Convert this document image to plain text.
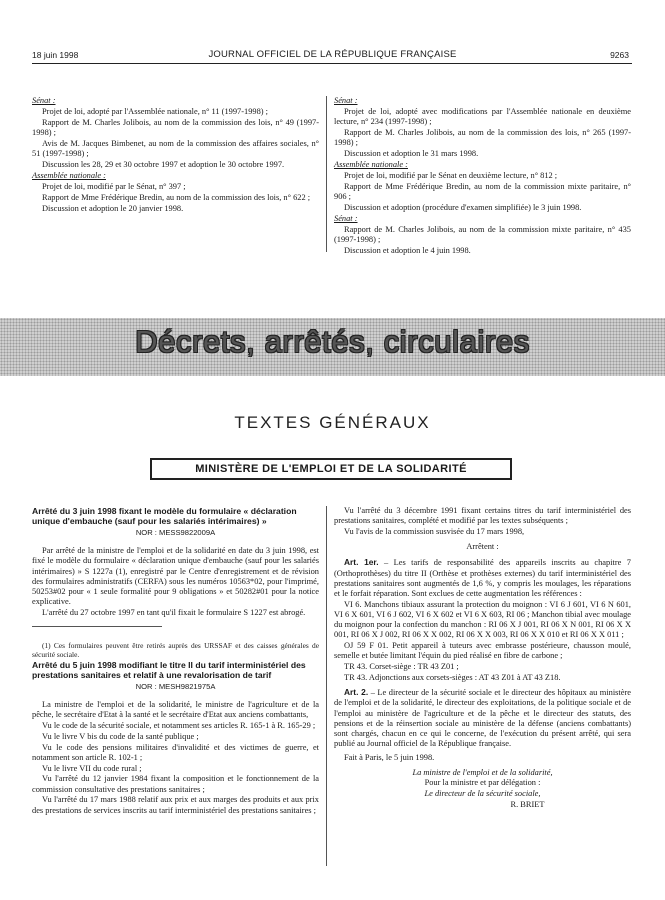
18 juin 1998	JOURNAL OFFICIEL DE LA RÉPUBLIQUE FRANÇAISE	9263

Sénat :

Projet de loi, adopté par l'Assemblée nationale, n° 11 (1997-1998) ;

Rapport de M. Charles Jolibois, au nom de la commission des lois, n° 49 (1997-1998) ;

Avis de M. Jacques Bimbenet, au nom de la commission des affaires sociales, n° 51 (1997-1998) ;

Discussion les 28, 29 et 30 octobre 1997 et adoption le 30 octobre 1997.

Assemblée nationale :

Projet de loi, modifié par le Sénat, n° 397 ;

Rapport de Mme Frédérique Bredin, au nom de la commission des lois, n° 622 ;

Discussion et adoption le 20 janvier 1998.

Sénat :

Projet de loi, adopté avec modifications par l'Assemblée nationale en deuxième lecture, n° 234 (1997-1998) ;

Rapport de M. Charles Jolibois, au nom de la commission des lois, n° 265 (1997-1998) ;

Discussion et adoption le 31 mars 1998.

Assemblée nationale :

Projet de loi, modifié par le Sénat en deuxième lecture, n° 812 ;

Rapport de Mme Frédérique Bredin, au nom de la commission mixte paritaire, n° 906 ;

Discussion et adoption (procédure d'examen simplifiée) le 3 juin 1998.

Sénat :

Rapport de M. Charles Jolibois, au nom de la commission mixte paritaire, n° 435 (1997-1998) ;

Discussion et adoption le 4 juin 1998.

Décrets, arrêtés, circulaires
TEXTES GÉNÉRAUX
MINISTÈRE DE L'EMPLOI ET DE LA SOLIDARITÉ

Arrêté du 3 juin 1998 fixant le modèle du formulaire « déclaration unique d'embauche (sauf pour les salariés intérimaires) »

NOR : MESS9822009A

Par arrêté de la ministre de l'emploi et de la solidarité en date du 3 juin 1998, est fixé le modèle du formulaire « déclaration unique d'embauche (sauf pour les salariés intérimaires) » S 1227a (1), enregistré par le Centre d'enregistrement et de révision des formulaires administratifs (CERFA) sous les numéros 10563*02, pour l'imprimé, 50253#02 pour « 1 seule formalité pour 9 obligations » et 50282#01 pour la notice explicative.

L'arrêté du 27 octobre 1997 en tant qu'il fixait le formulaire S 1227 est abrogé.

(1) Ces formulaires peuvent être retirés auprès des URSSAF et des caisses générales de sécurité sociale.

Arrêté du 5 juin 1998 modifiant le titre II du tarif interministériel des prestations sanitaires et relatif à une revalorisation de tarif

NOR : MESH9821975A

La ministre de l'emploi et de la solidarité, le ministre de l'agriculture et de la pêche, le secrétaire d'Etat à la santé et le secrétaire d'Etat aux anciens combattants,

Vu le code de la sécurité sociale, et notamment ses articles R. 165-1 à R. 165-29 ;

Vu le livre V bis du code de la santé publique ;

Vu le code des pensions militaires d'invalidité et des victimes de guerre, et notamment son article R. 102-1 ;

Vu le livre VII du code rural ;

Vu l'arrêté du 12 janvier 1984 fixant la composition et le fonctionnement de la commission consultative des prestations sanitaires ;

Vu l'arrêté du 17 mars 1988 relatif aux prix et aux marges des produits et aux prix des prestations de services inscrits au tarif interministériel des prestations sanitaires ;

Vu l'arrêté du 3 décembre 1991 fixant certains titres du tarif interministériel des prestations sanitaires, complété et modifié par les textes subséquents ;

Vu l'avis de la commission susvisée du 17 mars 1998,

Arrêtent :

Art. 1er. – Les tarifs de responsabilité des appareils inscrits au chapitre 7 (Orthoprothèses) du titre II (Orthèse et prothèses externes) du tarif interministériel des prestations sanitaires sont augmentés de 1,6 %, y compris les moulages, les réparations et le forfait réparation. Sont exclues de cette augmentation les références :

VI 6. Manchons tibiaux assurant la protection du moignon : VI 6 J 601, VI 6 N 601, VI 6 X 601, VI 6 J 602, VI 6 X 602 et VI 6 X 603, RI 06 ; Manchon tibial avec moulage du moignon pour la confection du manchon : RI 06 X J 001, RI 06 X N 001, RI 06 X X 001, RI 06 X J 002, RI 06 X X 002, RI 06 X X 003, RI 06 X X 010 et RI 06 X X 011 ;

OJ 59 F 01. Petit appareil à tuteurs avec embrasse postérieure, chausson moulé, semelle et butée limitant l'équin du pied réalisé en fibre de carbone ;

TR 43. Corset-siège : TR 43 Z01 ;

TR 43. Adjonctions aux corsets-sièges : AT 43 Z01 à AT 43 Z18.

Art. 2. – Le directeur de la sécurité sociale et le directeur des hôpitaux au ministère de l'emploi et de la solidarité, le directeur des exploitations, de la politique sociale et de l'emploi au ministère de l'agriculture et de la pêche et le directeur des statuts, des pensions et de la réinsertion sociale au ministère de la défense (anciens combattants) sont chargés, chacun en ce qui le concerne, de l'exécution du présent arrêté, qui sera publié au Journal officiel de la République française.

Fait à Paris, le 5 juin 1998.

La ministre de l'emploi et de la solidarité,

Pour la ministre et par délégation :

Le directeur de la sécurité sociale,

R. BRIET
